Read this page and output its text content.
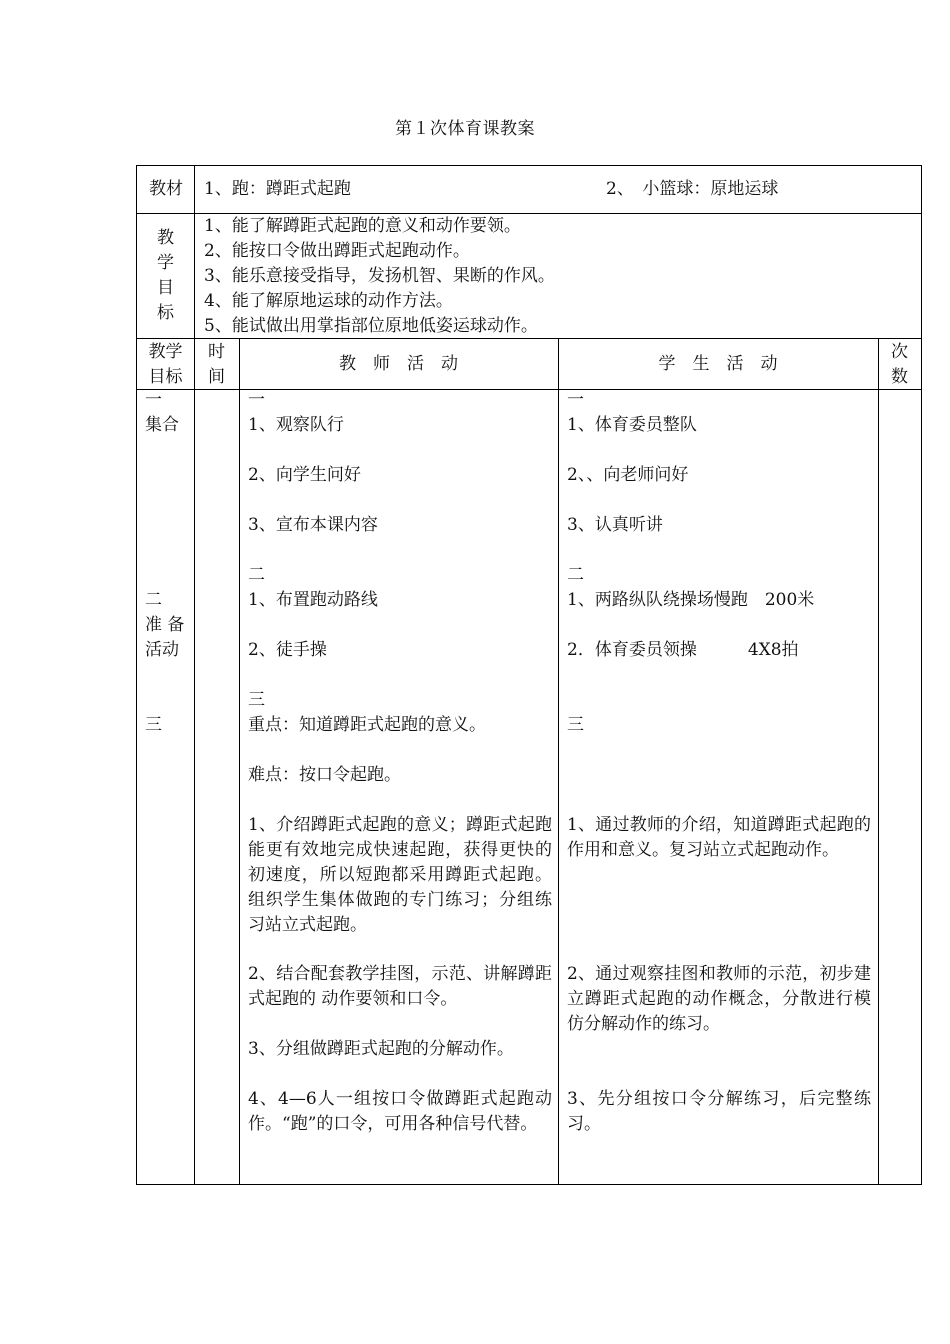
第１次体育课教案
教材 1、跑：蹲距式起跑	2、　小篮球：原地运球

教

学

目

标

1、能了解蹲距式起跑的意义和动作要领。

2、能按口令做出蹲距式起跑动作。

3、能乐意接受指导，发扬机智、果断的作风。

4、能了解原地运球的动作方法。

5、能试做出用掌指部位原地低姿运球动作。

教学

目标

时

间

教　师　活　动	学　生　活　动

次

数

一
集合
二
准 备
活动
三

一

1、观察队行

2、向学生问好

3、宣布本课内容

二

1、布置跑动路线

2、徒手操

三

重点：知道蹲距式起跑的意义。

难点：按口令起跑。

1、介绍蹲距式起跑的意义；蹲距式起跑能更有效地完成快速起跑，获得更快的初速度，所以短跑都采用蹲距式起跑。组织学生集体做跑的专门练习；分组练习站立式起跑。
2、结合配套教学挂图，示范、讲解蹲距式起跑的 动作要领和口令。
3、分组做蹲距式起跑的分解动作。
4、4—6人一组按口令做蹲距式起跑动作。“跑”的口令，可用各种信号代替。

一

1、体育委员整队

2、、向老师问好

3、认真听讲

二

1、两路纵队绕操场慢跑　200米

2．体育委员领操　　　4X8拍

三
1、通过教师的介绍，知道蹲距式起跑的作用和意义。复习站立式起跑动作。
2、通过观察挂图和教师的示范，初步建立蹲距式起跑的动作概念，分散进行模仿分解动作的练习。
3、先分组按口令分解练习，后完整练习。
